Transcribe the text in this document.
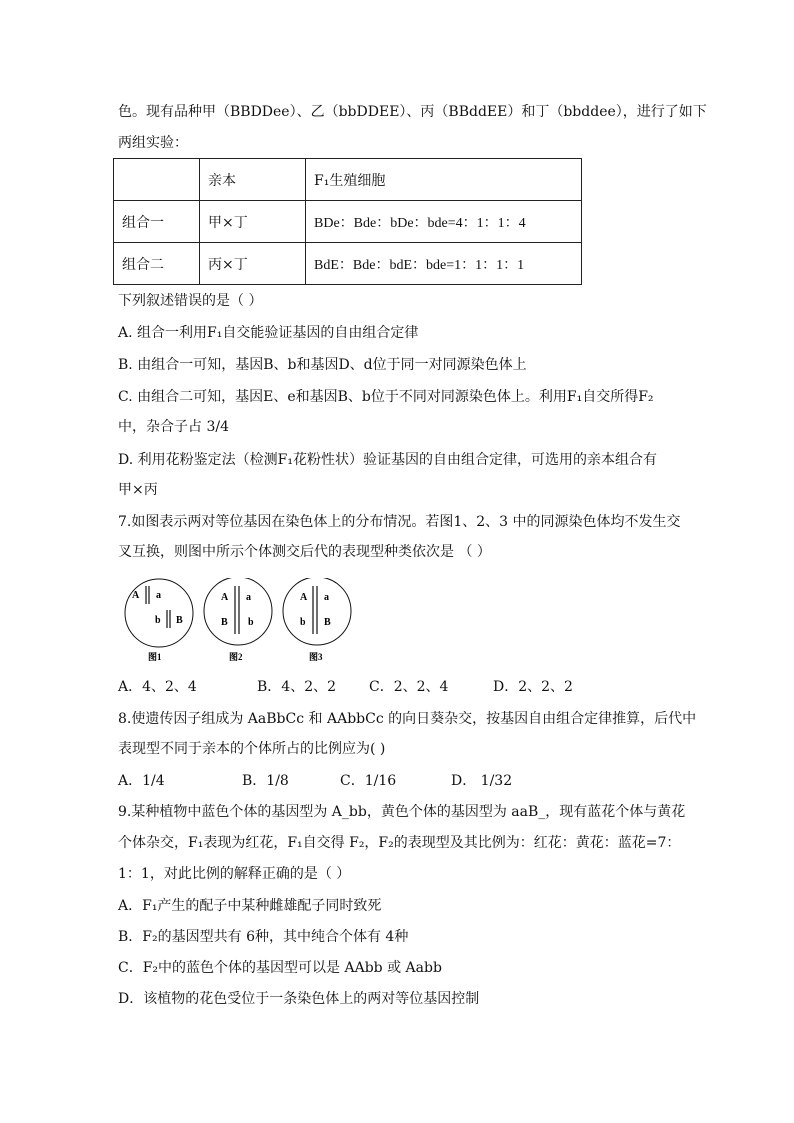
色。现有品种甲（BBDDee）、乙（bbDDEE）、丙（BBddEE）和丁（bbddee），进行了如下
两组实验：
	亲本	F₁生殖细胞
组合一	甲×丁	BDe：Bde：bDe：bde=4：1：1：4
组合二	丙×丁	BdE：Bde：bdE：bde=1：1：1：1
下列叙述错误的是（ ）
A. 组合一利用F₁自交能验证基因的自由组合定律
B. 由组合一可知，基因B、b和基因D、d位于同一对同源染色体上
C. 由组合二可知，基因E、e和基因B、b位于不同对同源染色体上。利用F₁自交所得F₂
中，杂合子占 3/4
D. 利用花粉鉴定法（检测F₁花粉性状）验证基因的自由组合定律，可选用的亲本组合有
甲×丙
7.如图表示两对等位基因在染色体上的分布情况。若图1、2、3 中的同源染色体均不发生交
叉互换，则图中所示个体测交后代的表现型种类依次是 （ ）
A a
b B
图1
A a
B b
图2
A a
b B
图3
A．4、2、4	B．4、2、2 C．2、2、4	D．2、2、2
8.使遗传因子组成为 AaBbCc 和 AAbbCc 的向日葵杂交，按基因自由组合定律推算，后代中
表现型不同于亲本的个体所占的比例应为( )
A．1/4	B．1/8	C．1/16	D． 1/32
9.某种植物中蓝色个体的基因型为 A_bb，黄色个体的基因型为 aaB_，现有蓝花个体与黄花
个体杂交，F₁表现为红花，F₁自交得 F₂，F₂的表现型及其比例为：红花：黄花：蓝花=7：
1：1，对此比例的解释正确的是（ ）
A．F₁产生的配子中某种雌雄配子同时致死
B．F₂的基因型共有 6种，其中纯合个体有 4种
C．F₂中的蓝色个体的基因型可以是 AAbb 或 Aabb
D．该植物的花色受位于一条染色体上的两对等位基因控制
